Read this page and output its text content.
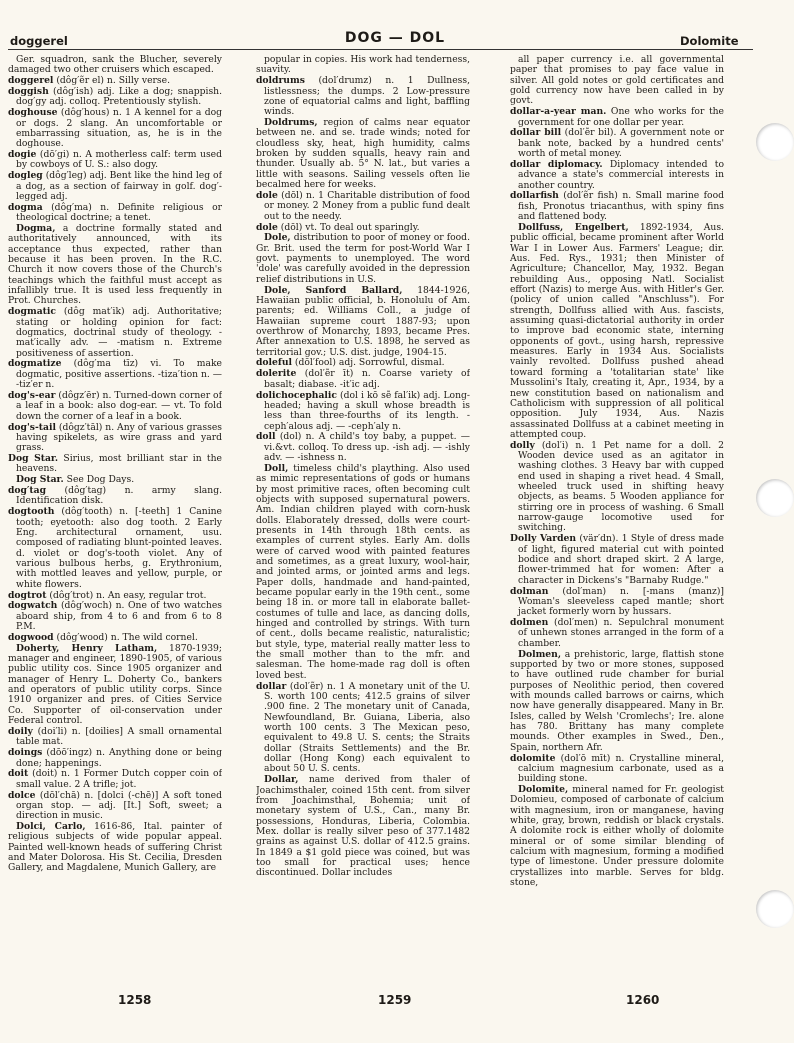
doggerel	DOG — DOL	Dolomite

Ger. squadron, sank the Blucher, severely damaged two other cruisers which escaped.

doggerel (dôg′ẽr el) n. Silly verse.

doggish (dôg′ish) adj. Like a dog; snappish. dog′gy adj. colloq. Pretentiously stylish.

doghouse (dôg′hous) n. 1 A kennel for a dog or dogs. 2 slang. An uncomfortable or embarrassing situation, as, he is in the doghouse.

dogie (dō′gi) n. A motherless calf: term used by cowboys of U. S.: also dogy.

dogleg (dôg′leg) adj. Bent like the hind leg of a dog, as a section of fairway in golf. dog′-legged adj.

dogma (dôg′ma) n. Definite religious or theological doctrine; a tenet.

Dogma, a doctrine formally stated and authoritatively announced, with its acceptance thus expected, rather than because it has been proven. In the R.C. Church it now covers those of the Church's teachings which the faithful must accept as infallibly true. It is used less frequently in Prot. Churches.

dogmatic (dôg mat′ik) adj. Authoritative; stating or holding opinion for fact: dogmatics, doctrinal study of theology. -mat′ically adv. — -matism n. Extreme positiveness of assertion.

dogmatize (dôg′ma tīz) vi. To make dogmatic, positive assertions. -tiza′tion n. — -tiz′er n.

dog's-ear (dôgz′ēr) n. Turned-down corner of a leaf in a book: also dog-ear. — vt. To fold down the corner of a leaf in a book.

dog's-tail (dôgz′tāl) n. Any of various grasses having spikelets, as wire grass and yard grass.

Dog Star. Sirius, most brilliant star in the heavens.

Dog Star. See Dog Days.

dog′tag (dôg′tag) n. army slang. Identification disk.

dogtooth (dôg′tooth) n. [-teeth] 1 Canine tooth; eyetooth: also dog tooth. 2 Early Eng. architectural ornament, usu. composed of radiating blunt-pointed leaves. d. violet or dog's-tooth violet. Any of various bulbous herbs, g. Erythronium, with mottled leaves and yellow, purple, or white flowers.

dogtrot (dôg′trot) n. An easy, regular trot.

dogwatch (dôg′woch) n. One of two watches aboard ship, from 4 to 6 and from 6 to 8 P.M.

dogwood (dôg′wood) n. The wild cornel.

Doherty, Henry Latham, 1870-1939; manager and engineer, 1890-1905, of various public utility cos. Since 1905 organizer and manager of Henry L. Doherty Co., bankers and operators of public utility corps. Since 1910 organizer and pres. of Cities Service Co. Supporter of oil-conservation under Federal control.

doily (doi′li) n. [doilies] A small ornamental table mat.

doings (dōō′ingz) n. Anything done or being done; happenings.

doit (doit) n. 1 Former Dutch copper coin of small value. 2 A trifle; jot.

dolce (dōl′chā) n. [dolci (-chē)] A soft toned organ stop. — adj. [It.] Soft, sweet; a direction in music.

Dolci, Carlo, 1616-86, Ital. painter of religious subjects of wide popular appeal. Painted well-known heads of suffering Christ and Mater Dolorosa. His St. Cecilia, Dresden Gallery, and Magdalene, Munich Gallery, are

popular in copies. His work had tenderness, suavity.

doldrums (dol′drumz) n. 1 Dullness, listlessness; the dumps. 2 Low-pressure zone of equatorial calms and light, baffling winds.

Doldrums, region of calms near equator between ne. and se. trade winds; noted for cloudless sky, heat, high humidity, calms broken by sudden squalls, heavy rain and thunder. Usually ab. 5° N. lat., but varies a little with seasons. Sailing vessels often lie becalmed here for weeks.

dole (dōl) n. 1 Charitable distribution of food or money. 2 Money from a public fund dealt out to the needy.

dole (dōl) vt. To deal out sparingly.

Dole, distribution to poor of money or food. Gr. Brit. used the term for post-World War I govt. payments to unemployed. The word 'dole' was carefully avoided in the depression relief distributions in U.S.

Dole, Sanford Ballard, 1844-1926, Hawaiian public official, b. Honolulu of Am. parents; ed. Williams Coll., a judge of Hawaiian supreme court 1887-93; upon overthrow of Monarchy, 1893, became Pres. After annexation to U.S. 1898, he served as territorial gov.; U.S. dist. judge, 1904-15.

doleful (dōl′fool) adj. Sorrowful, dismal.

dolerite (dol′ẽr īt) n. Coarse variety of basalt; diabase. -it′ic adj.

dolichocephalic (dol i kō sẽ fal′ik) adj. Long-headed; having a skull whose breadth is less than three-fourths of its length. -ceph′alous adj. — -ceph′aly n.

doll (dol) n. A child's toy baby, a puppet. — vi.&vt. colloq. To dress up. -ish adj. — -ishly adv. — -ishness n.

Doll, timeless child's plaything. Also used as mimic representations of gods or humans by most primitive races, often becoming cult objects with supposed supernatural powers. Am. Indian children played with corn-husk dolls. Elaborately dressed, dolls were court-presents in 14th through 18th cents. as examples of current styles. Early Am. dolls were of carved wood with painted features and sometimes, as a great luxury, wool-hair, and jointed arms, or jointed arms and legs. Paper dolls, handmade and hand-painted, became popular early in the 19th cent., some being 18 in. or more tall in elaborate ballet-costumes of tulle and lace, as dancing dolls, hinged and controlled by strings. With turn of cent., dolls became realistic, naturalistic; but style, type, material really matter less to the small mother than to the mfr. and salesman. The home-made rag doll is often loved best.

dollar (dol′ẽr) n. 1 A monetary unit of the U. S. worth 100 cents; 412.5 grains of silver .900 fine. 2 The monetary unit of Canada, Newfoundland, Br. Guiana, Liberia, also worth 100 cents. 3 The Mexican peso, equivalent to 49.8 U. S. cents; the Straits dollar (Straits Settlements) and the Br. dollar (Hong Kong) each equivalent to about 50 U. S. cents.

Dollar, name derived from thaler of Joachimsthaler, coined 15th cent. from silver from Joachimsthal, Bohemia; unit of monetary system of U.S., Can., many Br. possessions, Honduras, Liberia, Colombia. Mex. dollar is really silver peso of 377.1482 grains as against U.S. dollar of 412.5 grains. In 1849 a $1 gold piece was coined, but was too small for practical uses; hence discontinued. Dollar includes

all paper currency i.e. all governmental paper that promises to pay face value in silver. All gold notes or gold certificates and gold currency now have been called in by govt.

dollar-a-year man. One who works for the government for one dollar per year.

dollar bill (dol′ẽr bil). A government note or bank note, backed by a hundred cents' worth of metal money.

dollar diplomacy. Diplomacy intended to advance a state's commercial interests in another country.

dollarfish (dol′ẽr fish) n. Small marine food fish, Pronotus triacanthus, with spiny fins and flattened body.

Dollfuss, Engelbert, 1892-1934, Aus. public official, became prominent after World War I in Lower Aus. Farmers' League; dir. Aus. Fed. Rys., 1931; then Minister of Agriculture; Chancellor, May, 1932. Began rebuilding Aus., opposing Natl. Socialist effort (Nazis) to merge Aus. with Hitler's Ger. (policy of union called "Anschluss"). For strength, Dollfuss allied with Aus. fascists, assuming quasi-dictatorial authority in order to improve bad economic state, interning opponents of govt., using harsh, repressive measures. Early in 1934 Aus. Socialists vainly revolted. Dollfuss pushed ahead toward forming a 'totalitarian state' like Mussolini's Italy, creating it, Apr., 1934, by a new constitution based on nationalism and Catholicism with suppression of all political opposition. July 1934, Aus. Nazis assassinated Dollfuss at a cabinet meeting in attempted coup.

dolly (dol′i) n. 1 Pet name for a doll. 2 Wooden device used as an agitator in washing clothes. 3 Heavy bar with cupped end used in shaping a rivet head. 4 Small, wheeled truck used in shifting heavy objects, as beams. 5 Wooden appliance for stirring ore in process of washing. 6 Small narrow-gauge locomotive used for switching.

Dolly Varden (vär′dn). 1 Style of dress made of light, figured material cut with pointed bodice and short draped skirt. 2 A large, flower-trimmed hat for women: After a character in Dickens's "Barnaby Rudge."

dolman (dol′man) n. [-mans (manz)] Woman's sleeveless caped mantle; short jacket formerly worn by hussars.

dolmen (dol′men) n. Sepulchral monument of unhewn stones arranged in the form of a chamber.

Dolmen, a prehistoric, large, flattish stone supported by two or more stones, supposed to have outlined rude chamber for burial purposes of Neolithic period, then covered with mounds called barrows or cairns, which now have generally disappeared. Many in Br. Isles, called by Welsh 'Cromlechs'; Ire. alone has 780. Brittany has many complete mounds. Other examples in Swed., Den., Spain, northern Afr.

dolomite (dol′ō mīt) n. Crystalline mineral, calcium magnesium carbonate, used as a building stone.

Dolomite, mineral named for Fr. geologist Dolomieu, composed of carbonate of calcium with magnesium, iron or manganese, having white, gray, brown, reddish or black crystals. A dolomite rock is either wholly of dolomite mineral or of some similar blending of calcium with magnesium, forming a modified type of limestone. Under pressure dolomite crystallizes into marble. Serves for bldg. stone,

1258	1259	1260
